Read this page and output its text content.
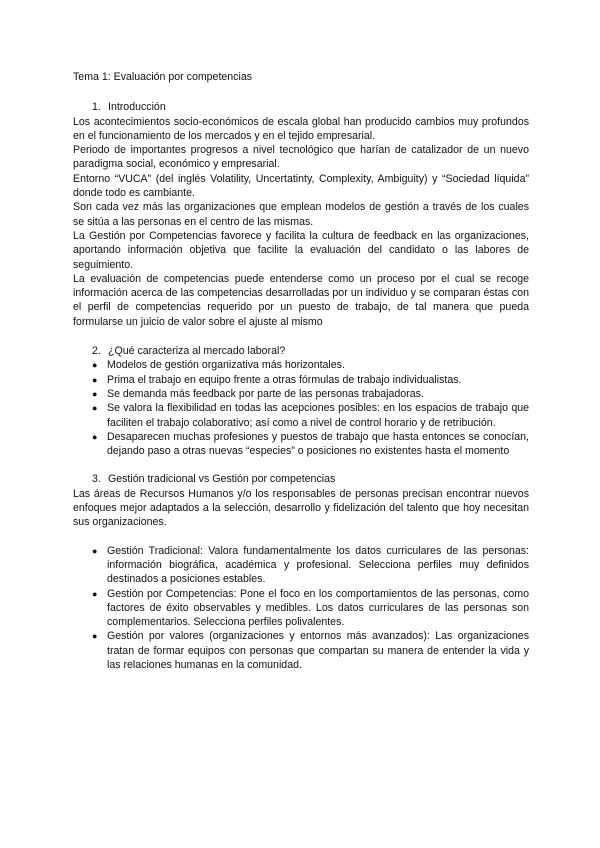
Tema 1: Evaluación por competencias

1. Introducción

Los acontecimientos socio-económicos de escala global han producido cambios muy profundos en el funcionamiento de los mercados y en el tejido empresarial.

Periodo de importantes progresos a nivel tecnológico que harían de catalizador de un nuevo paradigma social, económico y empresarial.

Entorno “VUCA” (del inglés Volatility, Uncertatinty, Complexity, Ambiguity) y “Sociedad líquida” donde todo es cambiante.

Son cada vez más las organizaciones que emplean modelos de gestión a través de los cuales se sitúa a las personas en el centro de las mismas.

La Gestión por Competencias favorece y facilita la cultura de feedback en las organizaciones, aportando información objetiva que facilite la evaluación del candidato o las labores de seguimiento.

La evaluación de competencias puede entenderse como un proceso por el cual se recoge información acerca de las competencias desarrolladas por un individuo y se comparan éstas con el perfil de competencias requerido por un puesto de trabajo, de tal manera que pueda formularse un juicio de valor sobre el ajuste al mismo

2. ¿Qué caracteriza al mercado laboral?
● Modelos de gestión organizativa más horizontales.
● Prima el trabajo en equipo frente a otras fórmulas de trabajo individualistas.
● Se demanda más feedback por parte de las personas trabajadoras.
● Se valora la flexibilidad en todas las acepciones posibles: en los espacios de trabajo que faciliten el trabajo colaborativo; así como a nivel de control horario y de retribución.
● Desaparecen muchas profesiones y puestos de trabajo que hasta entonces se conocían, dejando paso a otras nuevas “especies” o posiciones no existentes hasta el momento
3. Gestión tradicional vs Gestión por competencias

Las áreas de Recursos Humanos y/o los responsables de personas precisan encontrar nuevos enfoques mejor adaptados a la selección, desarrollo y fidelización del talento que hoy necesitan sus organizaciones.

● Gestión Tradicional: Valora fundamentalmente los datos curriculares de las personas: información biográfica, académica y profesional. Selecciona perfiles muy definidos destinados a posiciones estables.
● Gestión por Competencias: Pone el foco en los comportamientos de las personas, como factores de éxito observables y medibles. Los datos curriculares de las personas son complementarios. Selecciona perfiles polivalentes.
● Gestión por valores (organizaciones y entornos más avanzados): Las organizaciones tratan de formar equipos con personas que compartan su manera de entender la vida y las relaciones humanas en la comunidad.
